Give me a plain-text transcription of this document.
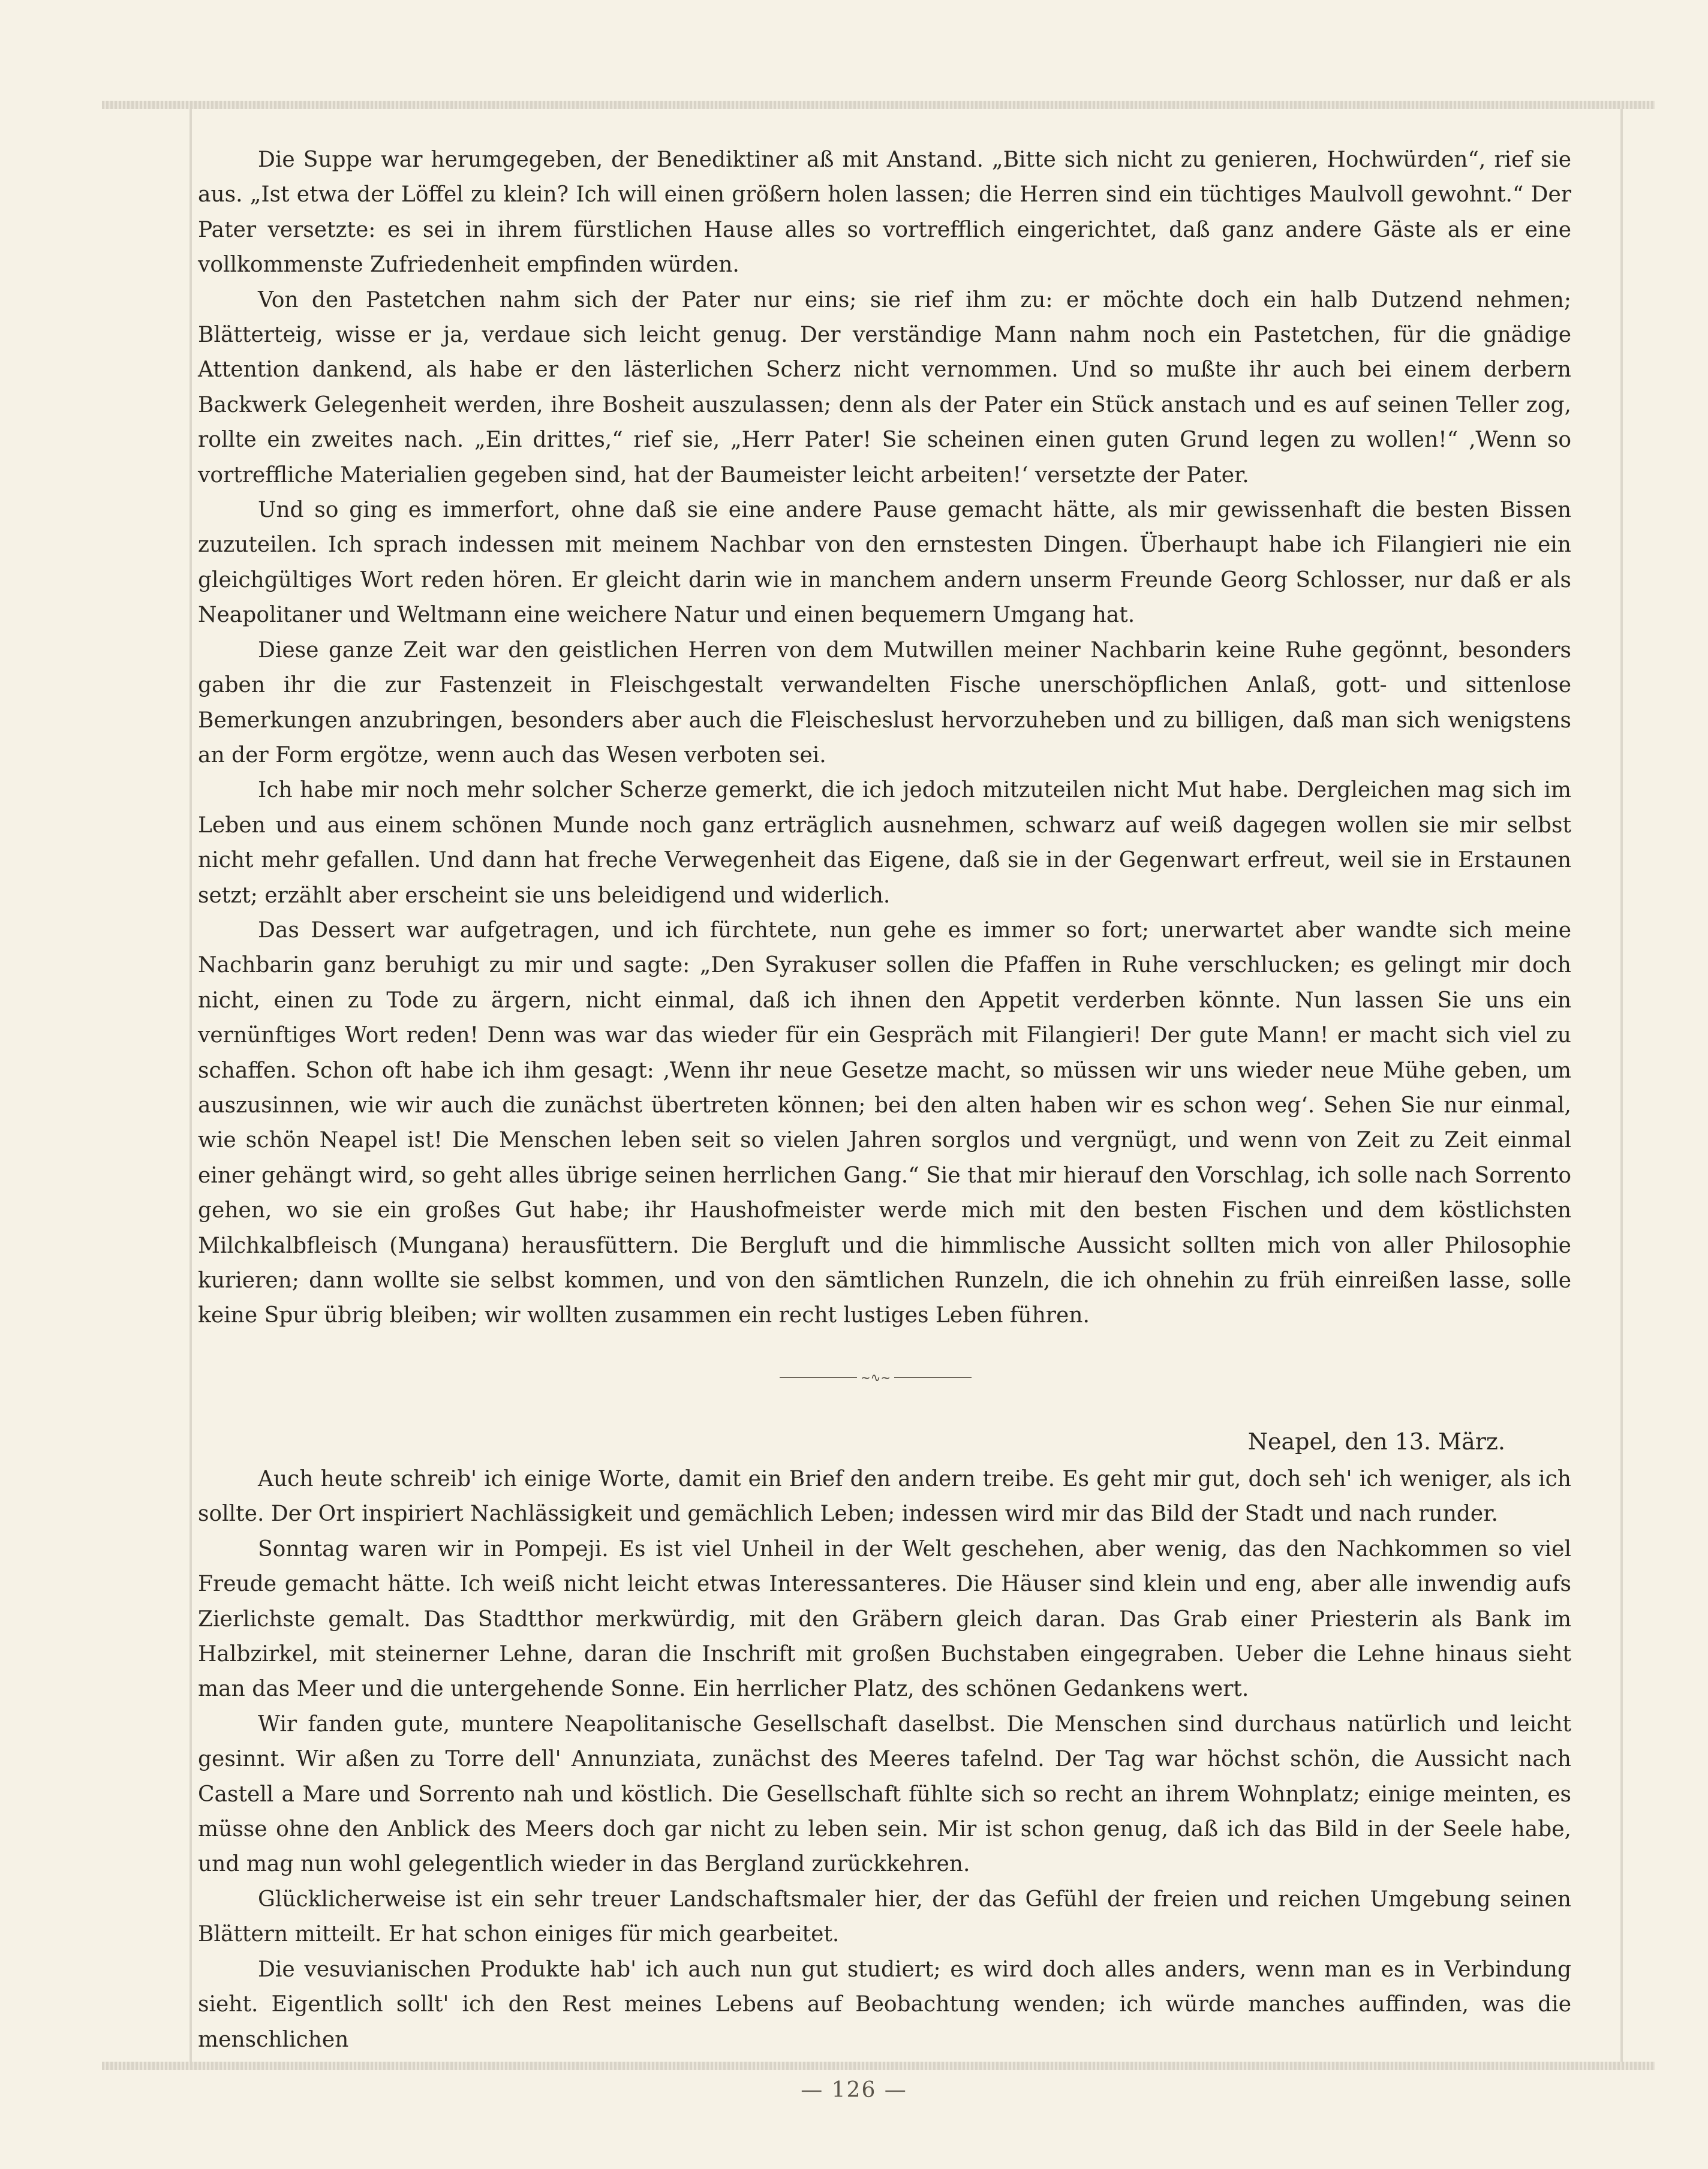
Die Suppe war herumgegeben, der Benediktiner aß mit Anstand. „Bitte sich nicht zu genieren, Hochwürden“, rief sie aus. „Ist etwa der Löffel zu klein? Ich will einen größern holen lassen; die Herren sind ein tüchtiges Maulvoll gewohnt.“ Der Pater versetzte: es sei in ihrem fürstlichen Hause alles so vortrefflich eingerichtet, daß ganz andere Gäste als er eine vollkommenste Zufriedenheit empfinden würden.

Von den Pastetchen nahm sich der Pater nur eins; sie rief ihm zu: er möchte doch ein halb Dutzend nehmen; Blätterteig, wisse er ja, verdaue sich leicht genug. Der verständige Mann nahm noch ein Pastetchen, für die gnädige Attention dankend, als habe er den lästerlichen Scherz nicht vernommen. Und so mußte ihr auch bei einem derbern Backwerk Gelegenheit werden, ihre Bosheit auszulassen; denn als der Pater ein Stück anstach und es auf seinen Teller zog, rollte ein zweites nach. „Ein drittes,“ rief sie, „Herr Pater! Sie scheinen einen guten Grund legen zu wollen!“ ‚Wenn so vortreffliche Materialien gegeben sind, hat der Baumeister leicht arbeiten!‘ versetzte der Pater.

Und so ging es immerfort, ohne daß sie eine andere Pause gemacht hätte, als mir gewissenhaft die besten Bissen zuzuteilen. Ich sprach indessen mit meinem Nachbar von den ernstesten Dingen. Überhaupt habe ich Filangieri nie ein gleichgültiges Wort reden hören. Er gleicht darin wie in manchem andern unserm Freunde Georg Schlosser, nur daß er als Neapolitaner und Weltmann eine weichere Natur und einen bequemern Umgang hat.

Diese ganze Zeit war den geistlichen Herren von dem Mutwillen meiner Nachbarin keine Ruhe gegönnt, besonders gaben ihr die zur Fastenzeit in Fleischgestalt verwandelten Fische unerschöpflichen Anlaß, gott- und sittenlose Bemerkungen anzubringen, besonders aber auch die Fleischeslust hervorzuheben und zu billigen, daß man sich wenigstens an der Form ergötze, wenn auch das Wesen verboten sei.

Ich habe mir noch mehr solcher Scherze gemerkt, die ich jedoch mitzuteilen nicht Mut habe. Dergleichen mag sich im Leben und aus einem schönen Munde noch ganz erträglich ausnehmen, schwarz auf weiß dagegen wollen sie mir selbst nicht mehr gefallen. Und dann hat freche Verwegenheit das Eigene, daß sie in der Gegenwart erfreut, weil sie in Erstaunen setzt; erzählt aber erscheint sie uns beleidigend und widerlich.

Das Dessert war aufgetragen, und ich fürchtete, nun gehe es immer so fort; unerwartet aber wandte sich meine Nachbarin ganz beruhigt zu mir und sagte: „Den Syrakuser sollen die Pfaffen in Ruhe verschlucken; es gelingt mir doch nicht, einen zu Tode zu ärgern, nicht einmal, daß ich ihnen den Appetit verderben könnte. Nun lassen Sie uns ein vernünftiges Wort reden! Denn was war das wieder für ein Gespräch mit Filangieri! Der gute Mann! er macht sich viel zu schaffen. Schon oft habe ich ihm gesagt: ‚Wenn ihr neue Gesetze macht, so müssen wir uns wieder neue Mühe geben, um auszusinnen, wie wir auch die zunächst übertreten können; bei den alten haben wir es schon weg‘. Sehen Sie nur einmal, wie schön Neapel ist! Die Menschen leben seit so vielen Jahren sorglos und vergnügt, und wenn von Zeit zu Zeit einmal einer gehängt wird, so geht alles übrige seinen herrlichen Gang.“ Sie that mir hierauf den Vorschlag, ich solle nach Sorrento gehen, wo sie ein großes Gut habe; ihr Haushofmeister werde mich mit den besten Fischen und dem köstlichsten Milchkalbfleisch (Mungana) herausfüttern. Die Bergluft und die himmlische Aussicht sollten mich von aller Philosophie kurieren; dann wollte sie selbst kommen, und von den sämtlichen Runzeln, die ich ohnehin zu früh einreißen lasse, solle keine Spur übrig bleiben; wir wollten zusammen ein recht lustiges Leben führen.

~∿~
Neapel, den 13. März.

Auch heute schreib' ich einige Worte, damit ein Brief den andern treibe. Es geht mir gut, doch seh' ich weniger, als ich sollte. Der Ort inspiriert Nachlässigkeit und gemächlich Leben; indessen wird mir das Bild der Stadt und nach runder.

Sonntag waren wir in Pompeji. Es ist viel Unheil in der Welt geschehen, aber wenig, das den Nachkommen so viel Freude gemacht hätte. Ich weiß nicht leicht etwas Interessanteres. Die Häuser sind klein und eng, aber alle inwendig aufs Zierlichste gemalt. Das Stadtthor merkwürdig, mit den Gräbern gleich daran. Das Grab einer Priesterin als Bank im Halbzirkel, mit steinerner Lehne, daran die Inschrift mit großen Buchstaben eingegraben. Ueber die Lehne hinaus sieht man das Meer und die untergehende Sonne. Ein herrlicher Platz, des schönen Gedankens wert.

Wir fanden gute, muntere Neapolitanische Gesellschaft daselbst. Die Menschen sind durchaus natürlich und leicht gesinnt. Wir aßen zu Torre dell' Annunziata, zunächst des Meeres tafelnd. Der Tag war höchst schön, die Aussicht nach Castell a Mare und Sorrento nah und köstlich. Die Gesellschaft fühlte sich so recht an ihrem Wohnplatz; einige meinten, es müsse ohne den Anblick des Meers doch gar nicht zu leben sein. Mir ist schon genug, daß ich das Bild in der Seele habe, und mag nun wohl gelegentlich wieder in das Bergland zurückkehren.

Glücklicherweise ist ein sehr treuer Landschaftsmaler hier, der das Gefühl der freien und reichen Umgebung seinen Blättern mitteilt. Er hat schon einiges für mich gearbeitet.

Die vesuvianischen Produkte hab' ich auch nun gut studiert; es wird doch alles anders, wenn man es in Verbindung sieht. Eigentlich sollt' ich den Rest meines Lebens auf Beobachtung wenden; ich würde manches auffinden, was die menschlichen

— 126 —
